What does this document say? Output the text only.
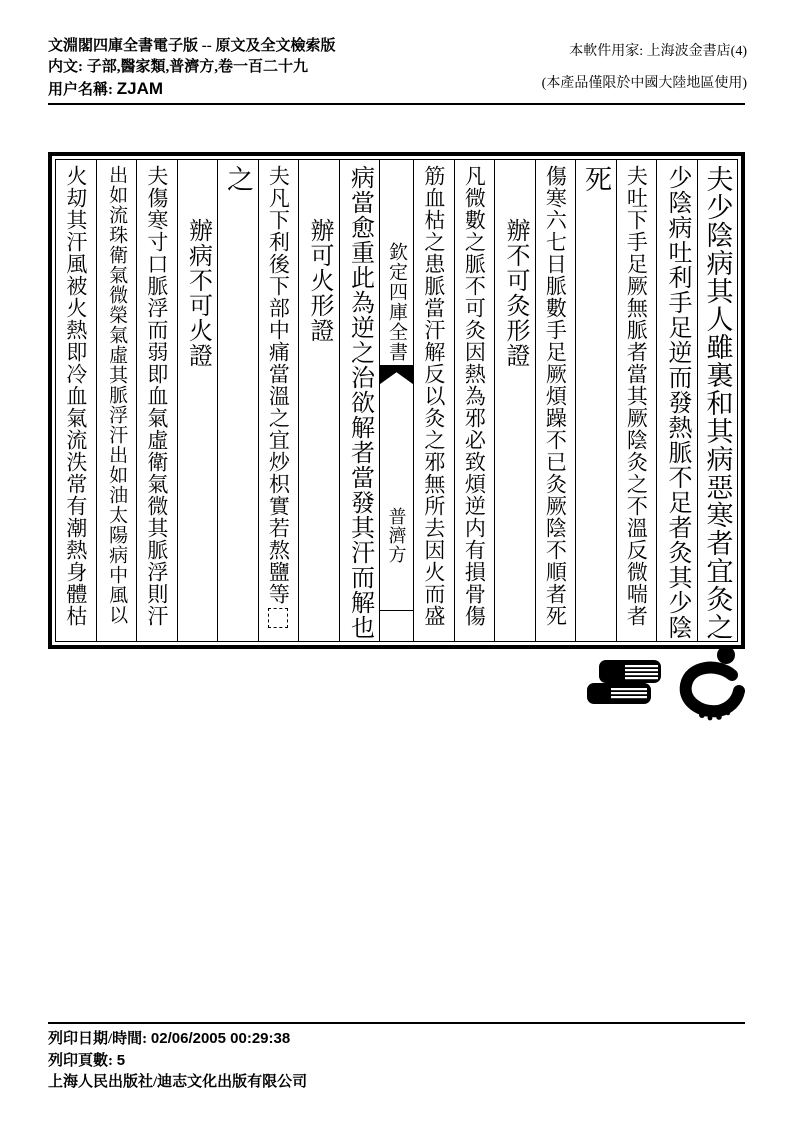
文淵閣四庫全書電子版 -- 原文及全文檢索版
内文: 子部,醫家類,普濟方,卷一百二十九
用户名稱: ZJAM
本軟件用家: 上海波金書店(4)
(本產品僅限於中國大陸地區使用)
夫少陰病其人雖裏和其病惡寒者宜灸之
少陰病吐利手足逆而發熱脈不足者灸其少陰
夫吐下手足厥無脈者當其厥陰灸之不溫反微喘者
死
傷寒六七日脈數手足厥煩躁不已灸厥陰不順者死
辦不可灸形證
凡微數之脈不可灸因熱為邪必致煩逆内有損骨傷
筋血枯之患脈當汗解反以灸之邪無所去因火而盛
欽定四庫全書
普濟方
病當愈重此為逆之治欲解者當發其汗而解也
辦可火形證
夫凡下利後下部中痛當溫之宜炒枳實若熬鹽等
之
辦病不可火證
夫傷寒寸口脈浮而弱即血氣虛衛氣微其脈浮則汗
出如流珠衛氣微榮氣虛其脈浮汗出如油太陽病中風以
火刧其汗風被火熱即冷血氣流泆常有潮熱身體枯
列印日期/時間: 02/06/2005 00:29:38
列印頁數: 5
上海人民出版社/迪志文化出版有限公司
